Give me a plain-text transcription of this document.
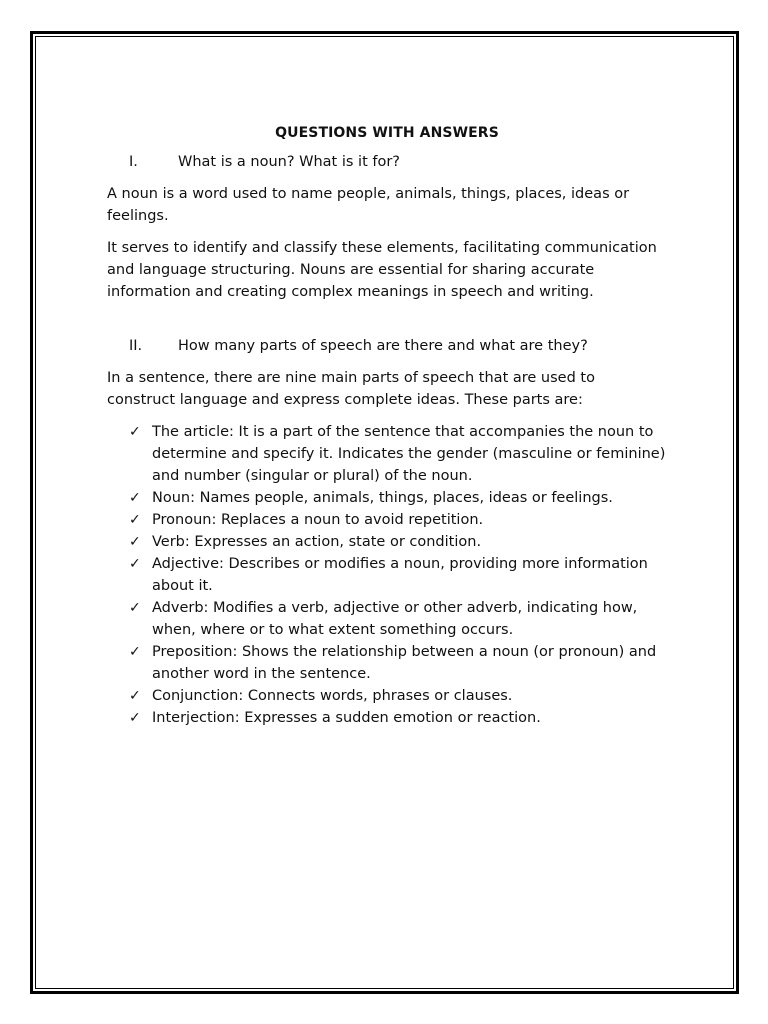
QUESTIONS WITH ANSWERS
I.	What is a noun? What is it for?

A noun is a word used to name people, animals, things, places, ideas or feelings.

It serves to identify and classify these elements, facilitating communication and language structuring. Nouns are essential for sharing accurate information and creating complex meanings in speech and writing.

II.	How many parts of speech are there and what are they?

In a sentence, there are nine main parts of speech that are used to construct language and express complete ideas. These parts are:

✓ The article: It is a part of the sentence that accompanies the noun to determine and specify it. Indicates the gender (masculine or feminine) and number (singular or plural) of the noun.
✓ Noun: Names people, animals, things, places, ideas or feelings.
✓ Pronoun: Replaces a noun to avoid repetition.
✓ Verb: Expresses an action, state or condition.
✓ Adjective: Describes or modifies a noun, providing more information about it.
✓ Adverb: Modifies a verb, adjective or other adverb, indicating how, when, where or to what extent something occurs.
✓ Preposition: Shows the relationship between a noun (or pronoun) and another word in the sentence.
✓ Conjunction: Connects words, phrases or clauses.
✓ Interjection: Expresses a sudden emotion or reaction.
